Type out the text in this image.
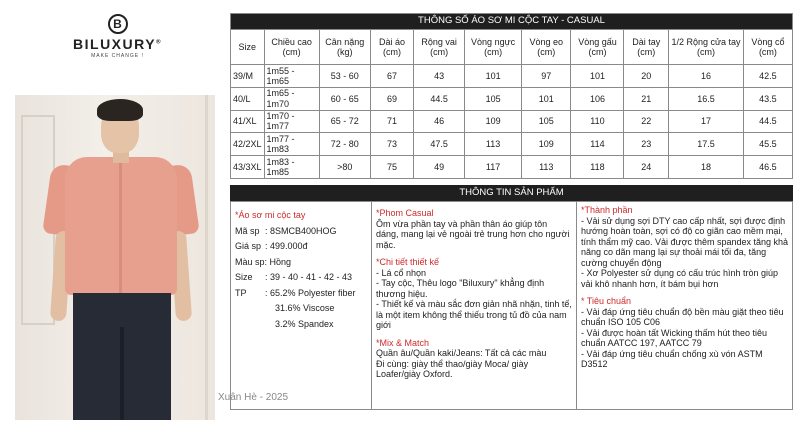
B
BILUXURY®
MAKE CHANGE !
Xuân Hè - 2025
THÔNG SỐ ÁO SƠ MI CỘC TAY - CASUAL										
Size	Chiều cao (cm)	Cân nặng (kg)	Dài áo (cm)	Rộng vai (cm)	Vòng ngực (cm)	Vòng eo (cm)	Vòng gấu (cm)	Dài tay (cm)	1/2 Rộng cửa tay (cm)	Vòng cổ (cm)
39/M	1m55 - 1m65	53 - 60	67	43	101	97	101	20	16	42.5
40/L	1m65 - 1m70	60 - 65	69	44.5	105	101	106	21	16.5	43.5
41/XL	1m70 - 1m77	65 - 72	71	46	109	105	110	22	17	44.5
42/2XL	1m77 - 1m83	72 - 80	73	47.5	113	109	114	23	17.5	45.5
43/3XL	1m83 - 1m85	>80	75	49	117	113	118	24	18	46.5
THÔNG TIN SẢN PHẨM
*Áo sơ mi cộc tay
Mã sp : 8SMCB400HOG
Giá sp : 499.000đ
Màu sp: Hồng
Size : 39 - 40 - 41 - 42 - 43
TP : 65.2% Polyester fiber
31.6% Viscose
3.2% Spandex

*Phom Casual

Ôm vừa phần tay và phần thân áo giúp tôn dáng, mang lại vẻ ngoài trẻ trung hơn cho người mặc.

*Chi tiết thiết kế

- Lá cổ nhọn

- Tay cộc, Thêu logo "Biluxury" khẳng định thương hiệu.

- Thiết kế và màu sắc đơn giản nhã nhặn, tinh tế, là một item không thể thiếu trong tủ đồ của nam giới

*Mix & Match

Quần âu/Quần kaki/Jeans: Tất cả các màu

Đi cùng: giày thể thao/giày Moca/ giày Loafer/giày Oxford.

*Thành phần

- Vải sử dụng sợi DTY cao cấp nhất, sợi được định hướng hoàn toàn, sợi có độ co giãn cao mềm mại, tính thẩm mỹ cao. Vải được thêm spandex tăng khả năng co dãn mang lại sự thoải mái tối đa, tăng cường chuyển động

- Xơ Polyester sử dụng có cấu trúc hình tròn giúp vải khô nhanh hơn, ít bám bụi hơn

* Tiêu chuẩn

- Vải đáp ứng tiêu chuẩn độ bền màu giặt theo tiêu chuẩn ISO 105 C06

- Vải được hoàn tất Wicking thấm hút theo tiêu chuẩn AATCC 197, AATCC 79

- Vải đáp ứng tiêu chuẩn chống xù vón ASTM D3512
